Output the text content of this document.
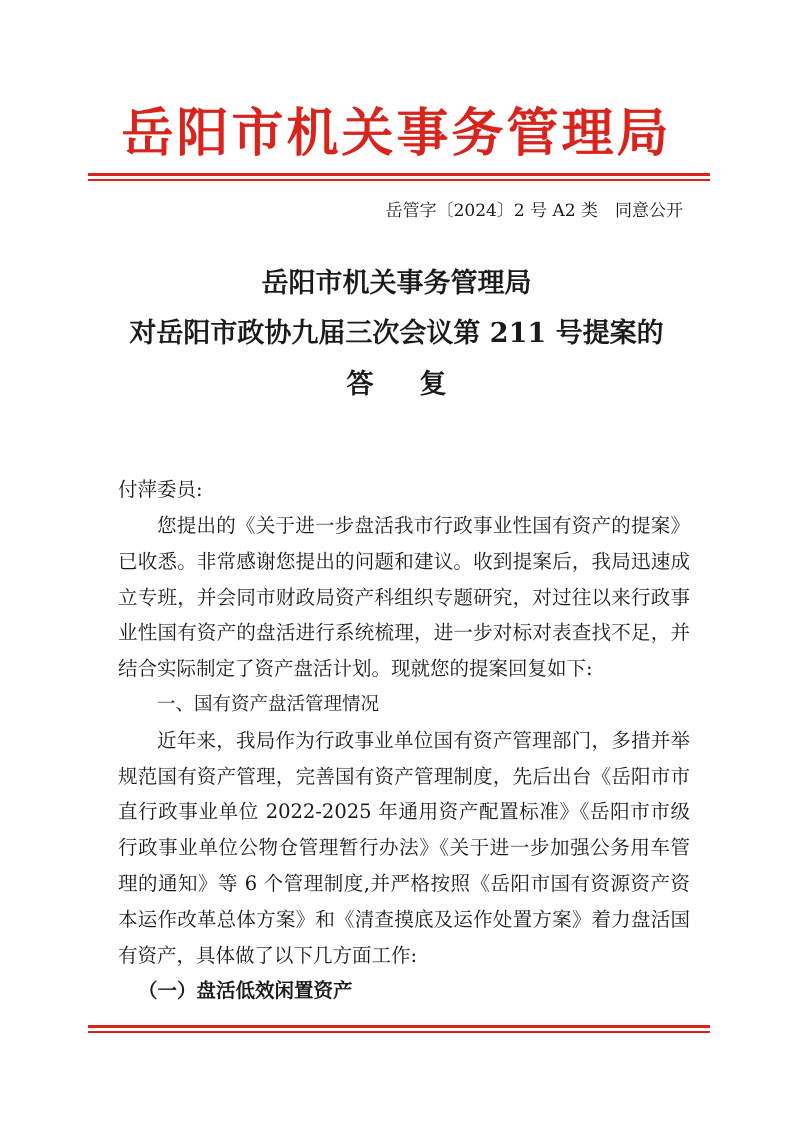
岳阳市机关事务管理局
岳管字〔2024〕2 号 A2 类　同意公开
岳阳市机关事务管理局
对岳阳市政协九届三次会议第 211 号提案的
答复
付萍委员:

您提出的《关于进一步盘活我市行政事业性国有资产的提案》已收悉。非常感谢您提出的问题和建议。收到提案后，我局迅速成立专班，并会同市财政局资产科组织专题研究，对过往以来行政事业性国有资产的盘活进行系统梳理，进一步对标对表查找不足，并结合实际制定了资产盘活计划。现就您的提案回复如下:

一、国有资产盘活管理情况

近年来，我局作为行政事业单位国有资产管理部门，多措并举规范国有资产管理，完善国有资产管理制度，先后出台《岳阳市市直行政事业单位 2022-2025 年通用资产配置标准》《岳阳市市级行政事业单位公物仓管理暂行办法》《关于进一步加强公务用车管理的通知》等 6 个管理制度,并严格按照《岳阳市国有资源资产资本运作改革总体方案》和《清查摸底及运作处置方案》着力盘活国有资产，具体做了以下几方面工作:

（一）盘活低效闲置资产
